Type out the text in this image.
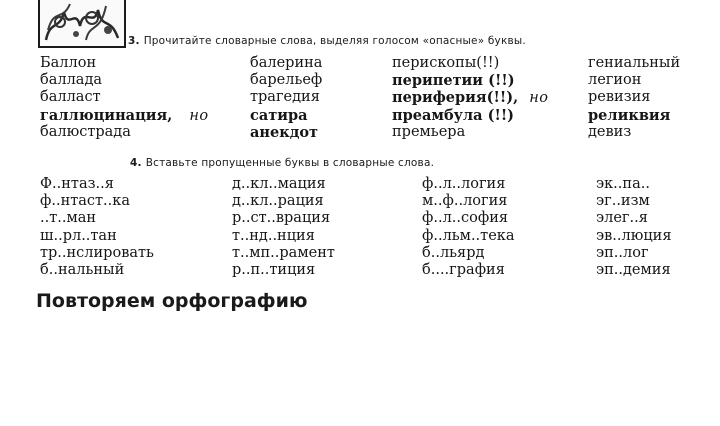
3. Прочитайте словарные слова, выделяя голосом «опасные» буквы.
Баллон
баллада
балласт
галлюцинация, но
балюстрада
балерина
барельеф
трагедия
сатира
анекдот
перископы(!!)
перипетии (!!)
периферия(!!), но
преамбула (!!)
премьера
гениальный
легион
ревизия
реликвия
девиз
4. Вставьте пропущенные буквы в словарные слова.
Ф..нтаз..я
ф..нтаст..ка
..т..ман
ш..рл..тан
тр..нслировать
б..нальный
д..кл..мация
д..кл..рация
р..ст..врация
т..нд..нция
т..мп..рамент
р..п..тиция
ф..л..логия
м..ф..логия
ф..л..софия
ф..льм..тека
б..льярд
б....графия
эк..па..
эг..изм
элег..я
эв..люция
эп..лог
эп..демия
Повторяем орфографию
